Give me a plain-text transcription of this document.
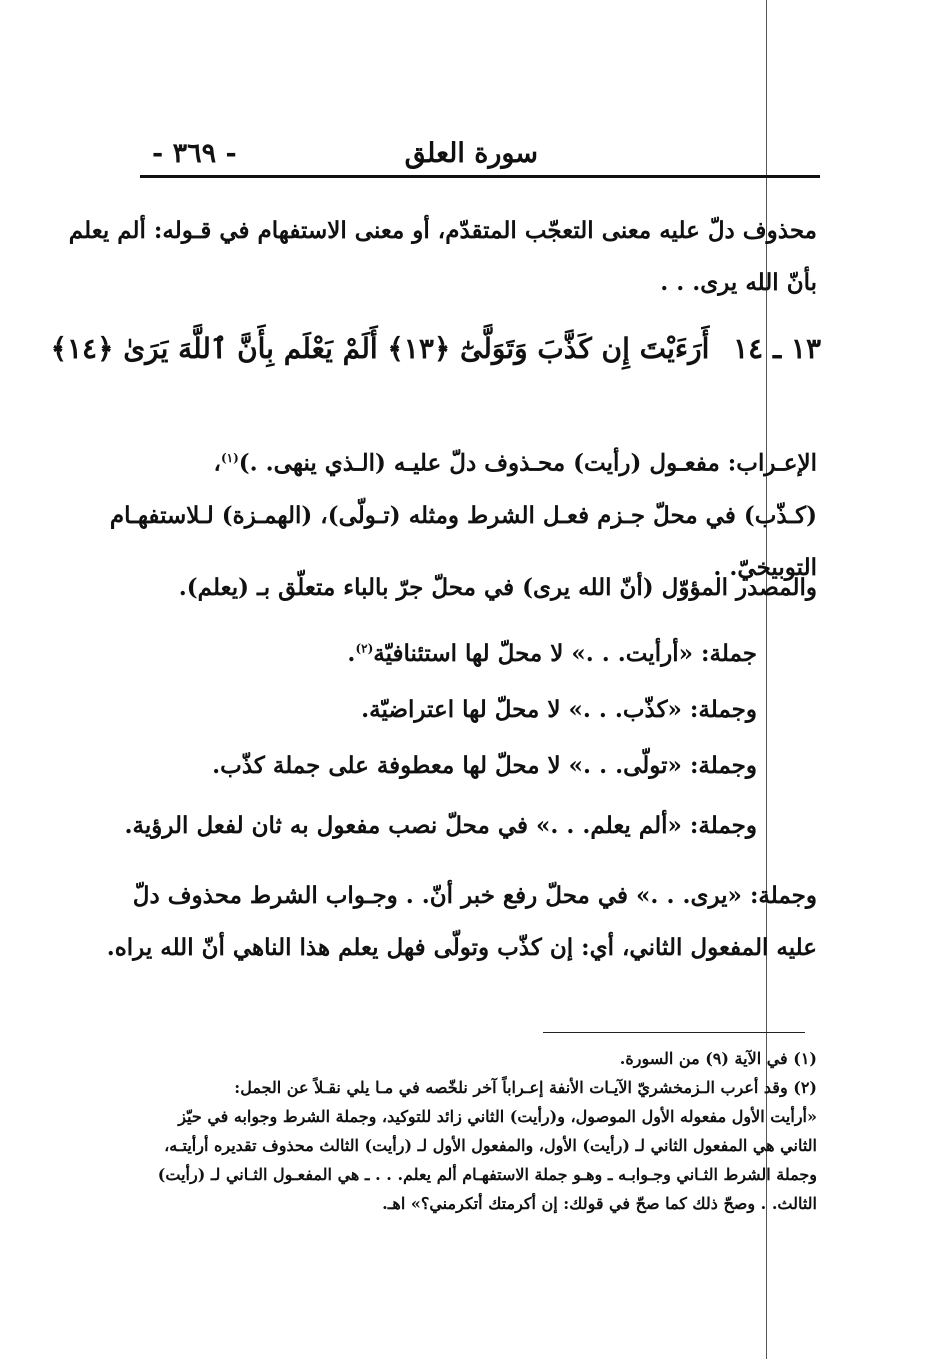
سورة العلق
- ٣٦٩ -
محذوف دلّ عليه معنى التعجّب المتقدّم، أو معنى الاستفهام في قـوله: ألم يعلم
بأنّ الله يرى. . .
١٣ ـ ١٤ أَرَءَيْتَ إِن كَذَّبَ وَتَوَلَّىٰٓ ﴿١٣﴾ أَلَمْ يَعْلَم بِأَنَّ ٱللَّهَ يَرَىٰ ﴿١٤﴾
الإعـراب: مفعـول (رأيت) محـذوف دلّ عليـه (الـذي ينهى. .)$^{(١)}$،
(كـذّب) في محلّ جـزم فعـل الشرط ومثله (تـولّى)، (الهمـزة) لـلاستفهـام
التوبيخيّ. .
والمصدر المؤوّل (أنّ الله يرى) في محلّ جرّ بالباء متعلّق بـ (يعلم).
جملة: «أرأيت. . .» لا محلّ لها استئنافيّة$^{(٢)}$.
وجملة: «كذّب. . .» لا محلّ لها اعتراضيّة.
وجملة: «تولّى. . .» لا محلّ لها معطوفة على جملة كذّب.
وجملة: «ألم يعلم. . .» في محلّ نصب مفعول به ثان لفعل الرؤية.
وجملة: «يرى. . .» في محلّ رفع خبر أنّ. . وجـواب الشرط محذوف دلّ
عليه المفعول الثاني، أي: إن كذّب وتولّى فهل يعلم هذا الناهي أنّ الله يراه.
(١) في الآية (٩) من السورة.
(٢) وقد أعرب الـزمخشريّ الآيـات الأنفة إعـراباً آخر نلخّصه في مـا يلي نقـلاً عن الجمل:
«أرأيت الأول مفعوله الأول الموصول، و(رأيت) الثاني زائد للتوكيد، وجملة الشرط وجوابه في حيّز
الثاني هي المفعول الثاني لـ (رأيت) الأول، والمفعول الأول لـ (رأيت) الثالث محذوف تقديره أرأيتـه،
وجملة الشرط الثـاني وجـوابـه ـ وهـو جملة الاستفهـام ألم يعلم. . . ـ هي المفعـول الثـاني لـ (رأيت)
الثالث. . وصحّ ذلك كما صحّ في قولك: إن أكرمتك أتكرمني؟» اهـ.
